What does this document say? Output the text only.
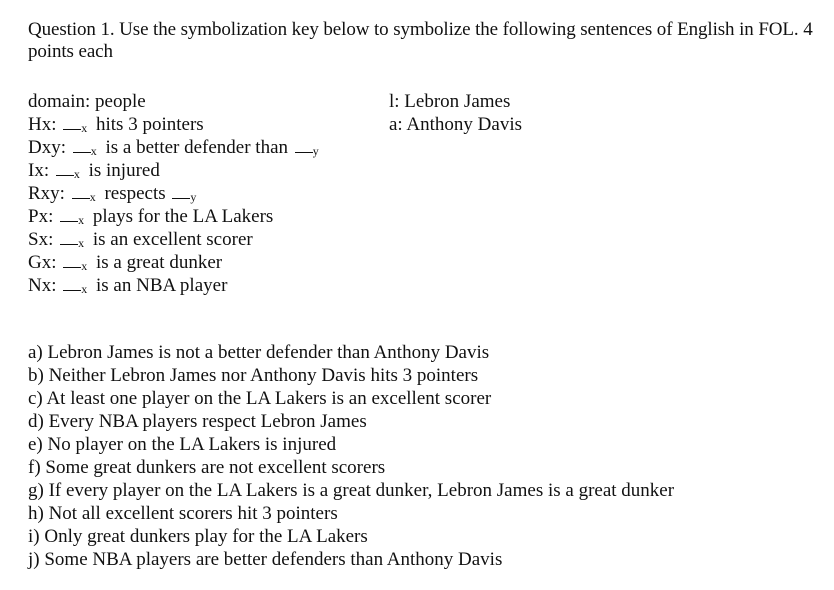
Question 1. Use the symbolization key below to symbolize the following sentences of English in FOL. 4 points each
domain: people
Hx: x hits 3 pointers
Dxy: x is a better defender than y
Ix: x is injured
Rxy: x respects y
Px: x plays for the LA Lakers
Sx: x is an excellent scorer
Gx: x is a great dunker
Nx: x is an NBA player
l: Lebron James
a: Anthony Davis
a) Lebron James is not a better defender than Anthony Davis
b) Neither Lebron James nor Anthony Davis hits 3 pointers
c) At least one player on the LA Lakers is an excellent scorer
d) Every NBA players respect Lebron James
e) No player on the LA Lakers is injured
f) Some great dunkers are not excellent scorers
g) If every player on the LA Lakers is a great dunker, Lebron James is a great dunker
h) Not all excellent scorers hit 3 pointers
i) Only great dunkers play for the LA Lakers
j) Some NBA players are better defenders than Anthony Davis
